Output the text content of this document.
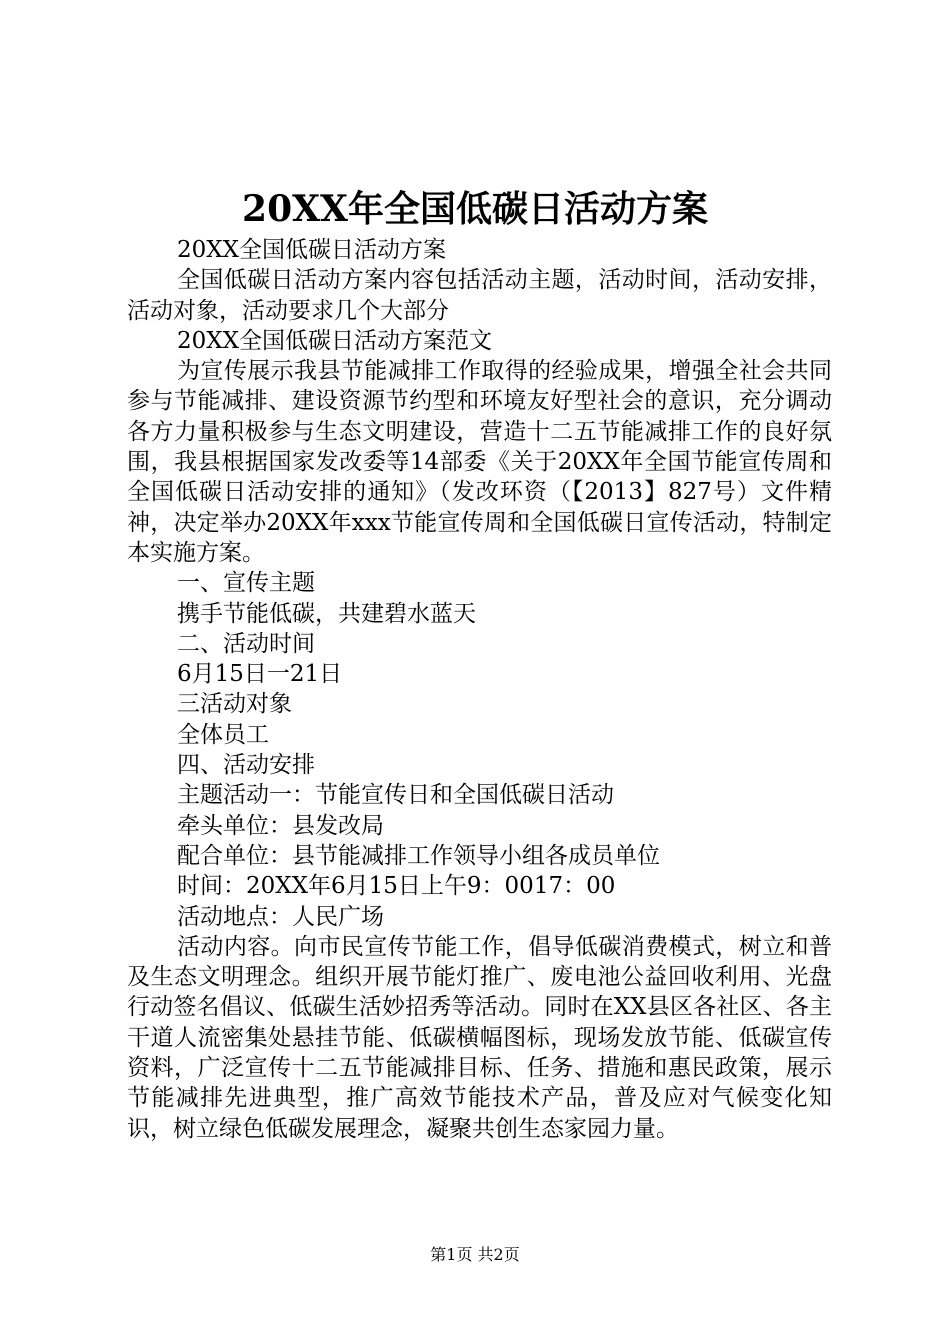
20XX年全国低碳日活动方案

20XX全国低碳日活动方案

全国低碳日活动方案内容包括活动主题，活动时间，活动安排，活动对象，活动要求几个大部分

20XX全国低碳日活动方案范文

为宣传展示我县节能减排工作取得的经验成果，增强全社会共同参与节能减排、建设资源节约型和环境友好型社会的意识，充分调动各方力量积极参与生态文明建设，营造十二五节能减排工作的良好氛围，我县根据国家发改委等14部委《关于20XX年全国节能宣传周和全国低碳日活动安排的通知》（发改环资（【2013】827号）文件精神，决定举办20XX年xxx节能宣传周和全国低碳日宣传活动，特制定本实施方案。

一、宣传主题

携手节能低碳，共建碧水蓝天

二、活动时间

6月15日一21日

三活动对象

全体员工

四、活动安排

主题活动一：节能宣传日和全国低碳日活动

牵头单位：县发改局

配合单位：县节能减排工作领导小组各成员单位

时间：20XX年6月15日上午9：0017：00

活动地点：人民广场

活动内容。向市民宣传节能工作，倡导低碳消费模式，树立和普及生态文明理念。组织开展节能灯推广、废电池公益回收利用、光盘行动签名倡议、低碳生活妙招秀等活动。同时在XX县区各社区、各主干道人流密集处悬挂节能、低碳横幅图标，现场发放节能、低碳宣传资料，广泛宣传十二五节能减排目标、任务、措施和惠民政策，展示节能减排先进典型，推广高效节能技术产品，普及应对气候变化知识，树立绿色低碳发展理念，凝聚共创生态家园力量。

第1页 共2页
